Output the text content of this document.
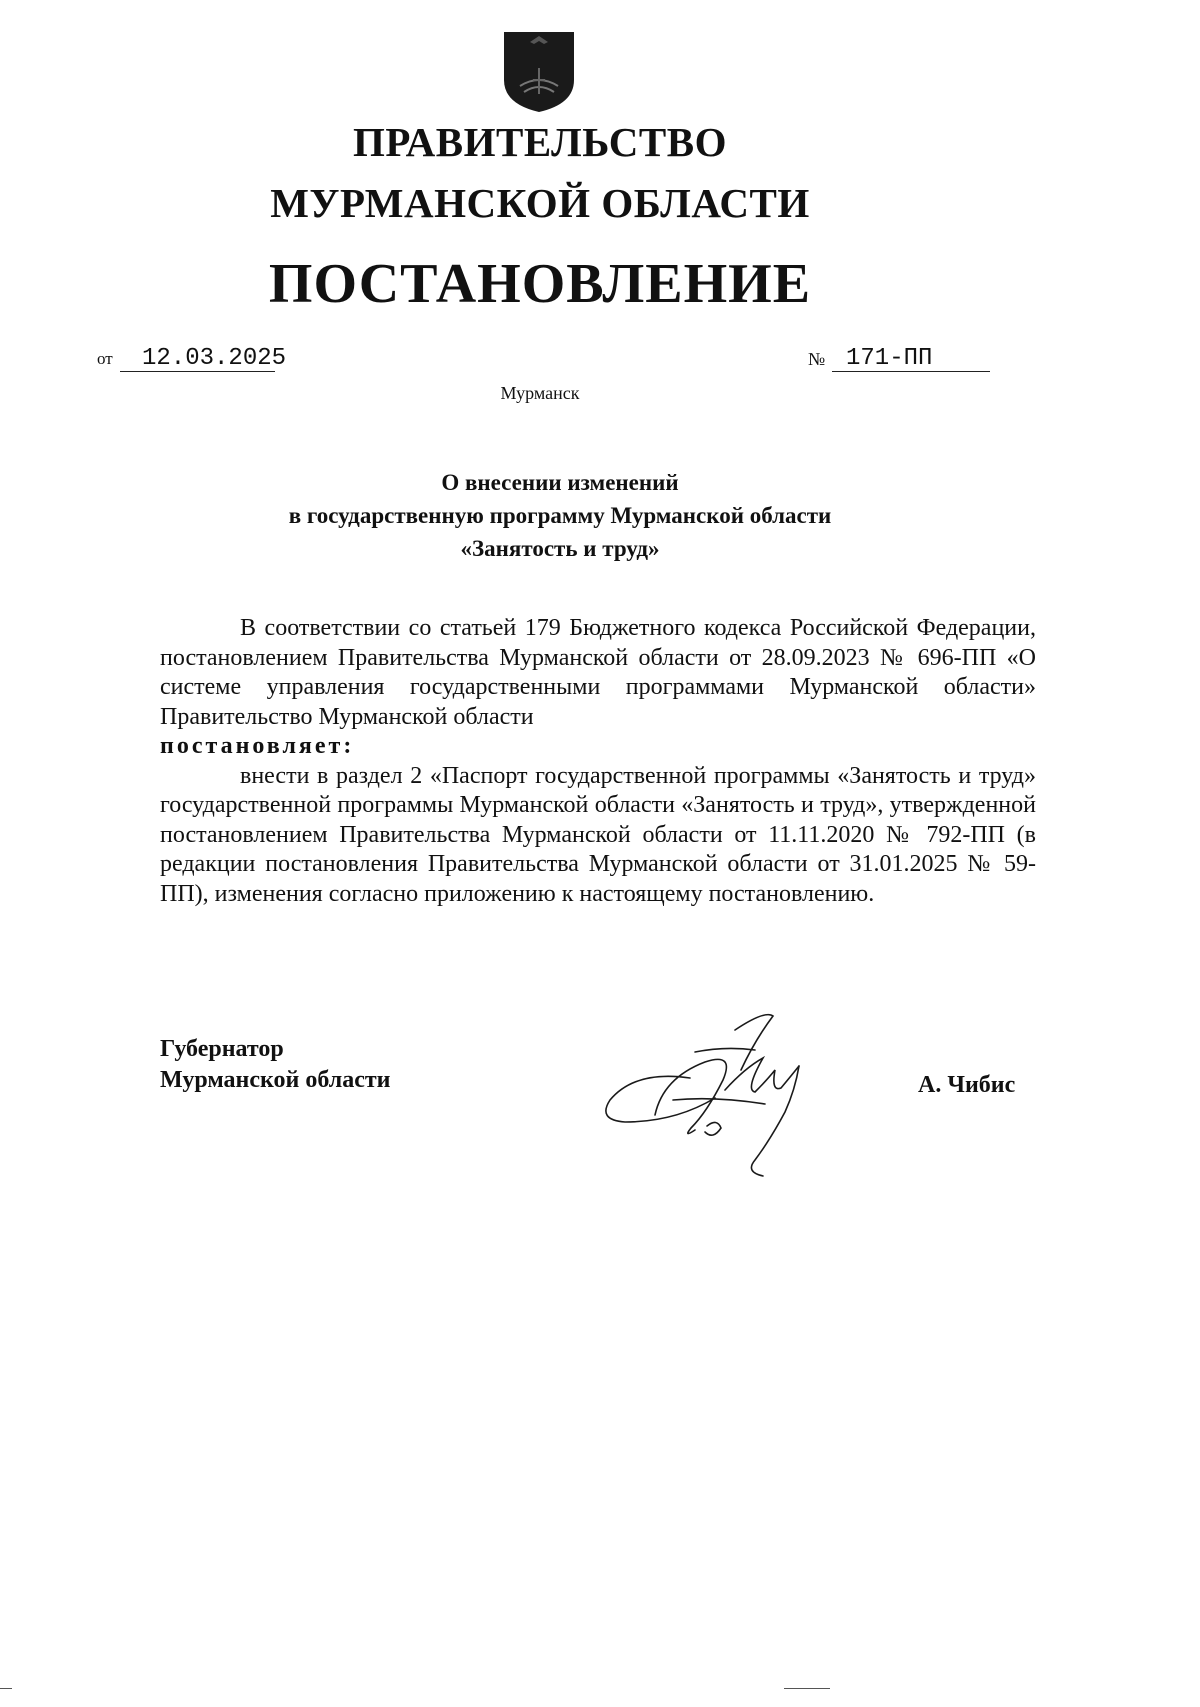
ПРАВИТЕЛЬСТВО
МУРМАНСКОЙ ОБЛАСТИ
ПОСТАНОВЛЕНИЕ
от	12.03.2025	№ 171-ПП
Мурманск
О внесении изменений
в государственную программу Мурманской области
«Занятость и труд»

В соответствии со статьей 179 Бюджетного кодекса Российской Федерации, постановлением Правительства Мурманской области от 28.09.2023 № 696-ПП «О системе управления государственными программами Мурманской области» Правительство Мурманской области

постановляет:

внести в раздел 2 «Паспорт государственной программы «Занятость и труд» государственной программы Мурманской области «Занятость и труд», утвержденной постановлением Правительства Мурманской области от 11.11.2020 № 792-ПП (в редакции постановления Правительства Мурманской области от 31.01.2025 № 59-ПП), изменения согласно приложению к настоящему постановлению.

Губернатор
Мурманской области	А. Чибис
